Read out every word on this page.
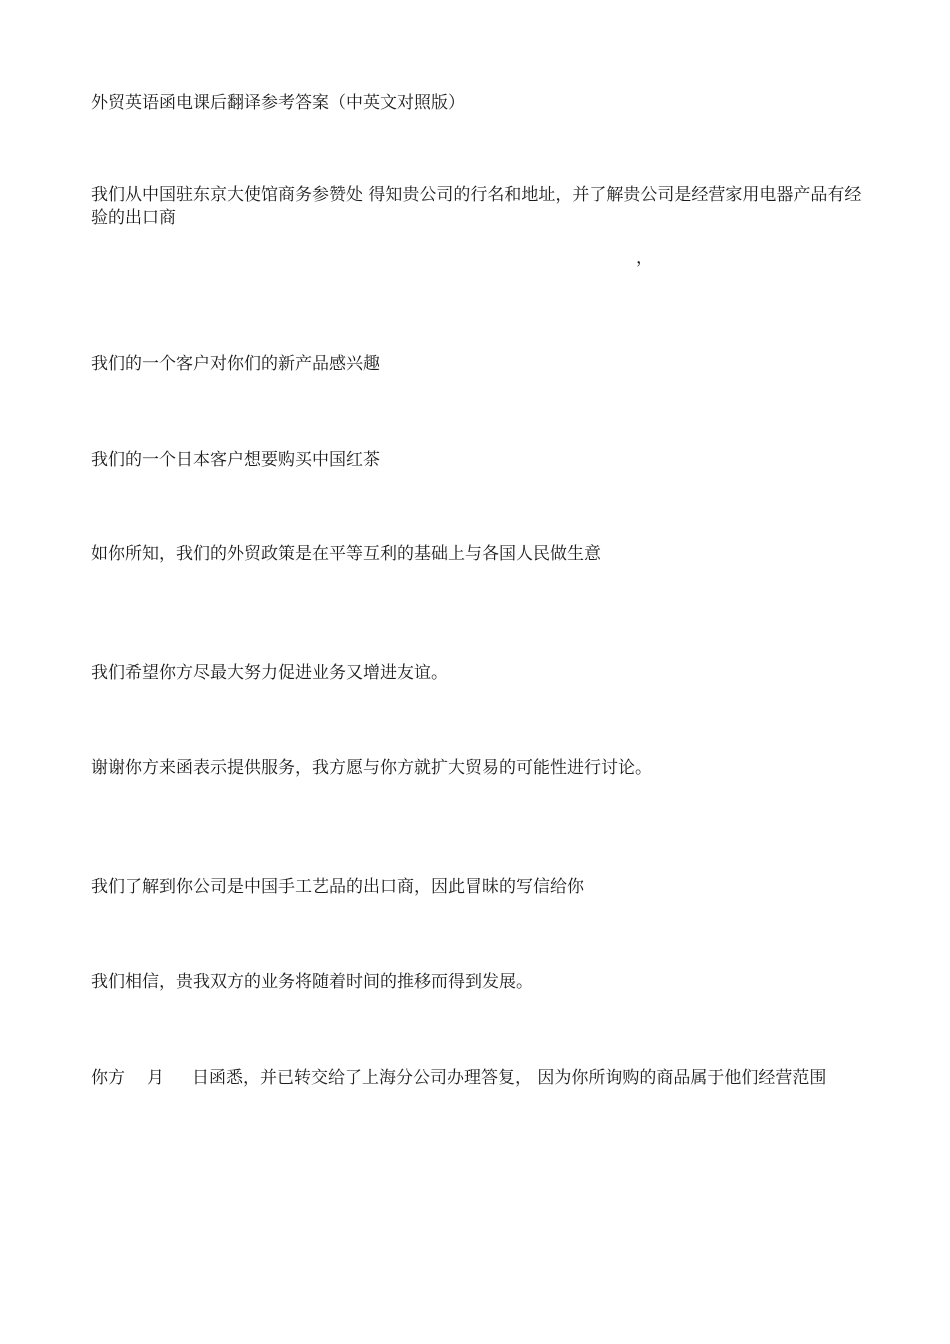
外贸英语函电课后翻译参考答案（中英文对照版）
我们从中国驻东京大使馆商务参赞处 得知贵公司的行名和地址，并了解贵公司是经营家用电器产品有经验的出口商
，
我们的一个客户对你们的新产品感兴趣
我们的一个日本客户想要购买中国红茶
如你所知，我们的外贸政策是在平等互利的基础上与各国人民做生意
我们希望你方尽最大努力促进业务又增进友谊。
谢谢你方来函表示提供服务，我方愿与你方就扩大贸易的可能性进行讨论。
我们了解到你公司是中国手工艺品的出口商，因此冒昧的写信给你
我们相信，贵我双方的业务将随着时间的推移而得到发展。
你方 月 日函悉，并已转交给了上海分公司办理答复， 因为你所询购的商品属于他们经营范围
